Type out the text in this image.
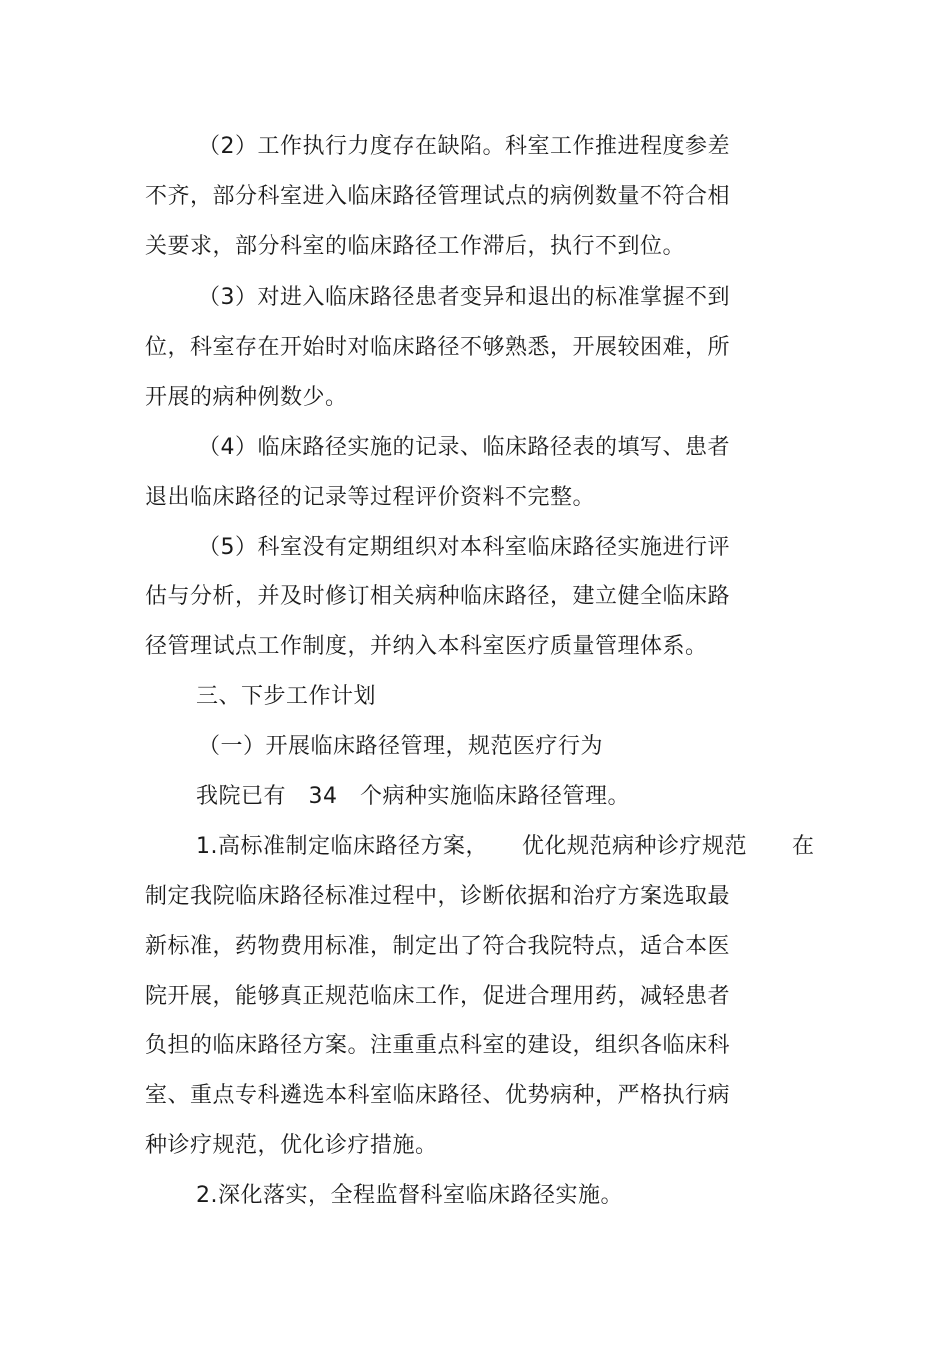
（2）工作执行力度存在缺陷。科室工作推进程度参差
不齐，部分科室进入临床路径管理试点的病例数量不符合相
关要求，部分科室的临床路径工作滞后，执行不到位。
（3）对进入临床路径患者变异和退出的标准掌握不到
位，科室存在开始时对临床路径不够熟悉，开展较困难，所
开展的病种例数少。
（4）临床路径实施的记录、临床路径表的填写、患者
退出临床路径的记录等过程评价资料不完整。
（5）科室没有定期组织对本科室临床路径实施进行评
估与分析，并及时修订相关病种临床路径，建立健全临床路
径管理试点工作制度，并纳入本科室医疗质量管理体系。
三、下步工作计划
（一）开展临床路径管理，规范医疗行为
我院已有　34　个病种实施临床路径管理。
1.高标准制定临床路径方案，　　优化规范病种诊疗规范　　在
制定我院临床路径标准过程中，诊断依据和治疗方案选取最
新标准，药物费用标准，制定出了符合我院特点，适合本医
院开展，能够真正规范临床工作，促进合理用药，减轻患者
负担的临床路径方案。注重重点科室的建设，组织各临床科
室、重点专科遴选本科室临床路径、优势病种，严格执行病
种诊疗规范，优化诊疗措施。
2.深化落实，全程监督科室临床路径实施。
